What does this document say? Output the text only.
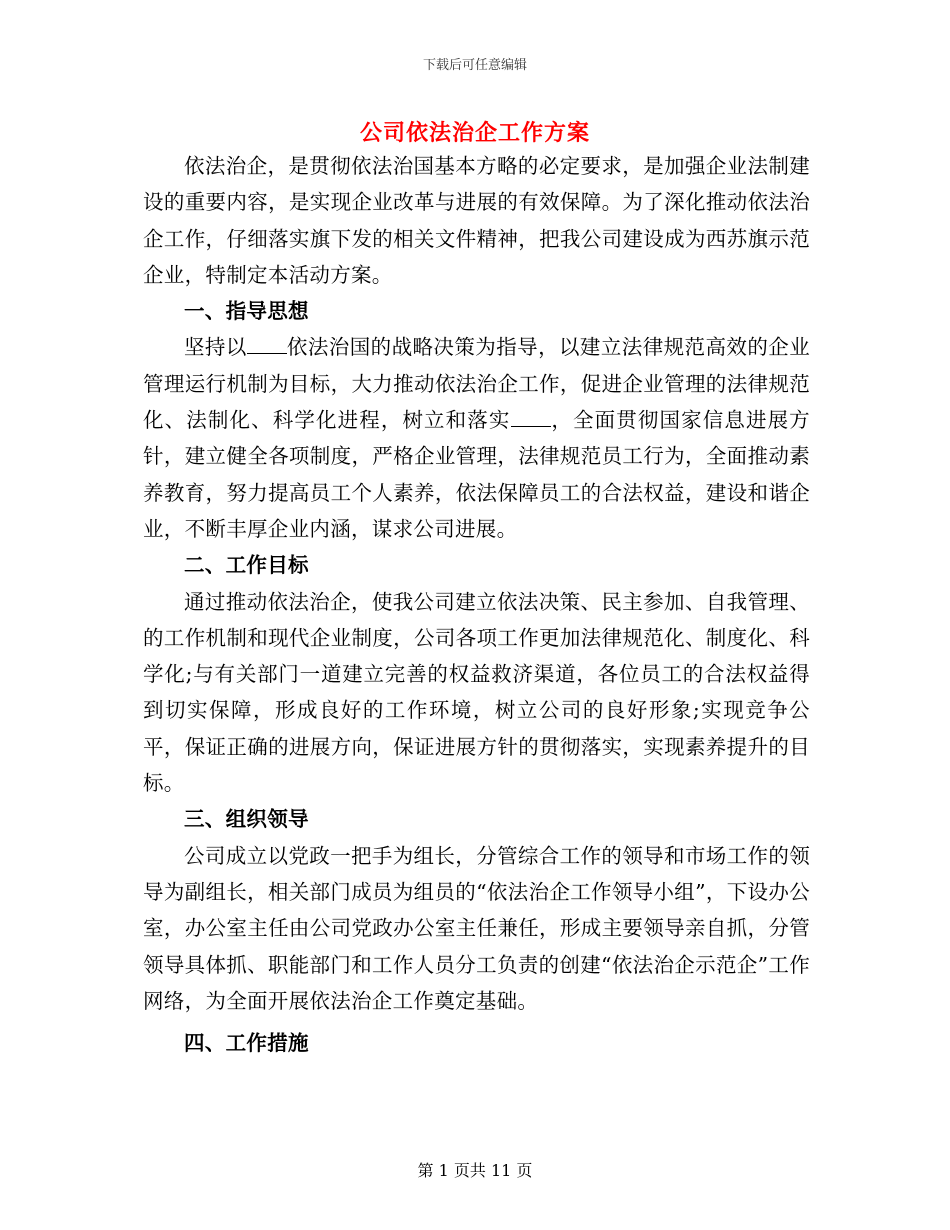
下载后可任意编辑
公司依法治企工作方案

依法治企，是贯彻依法治国基本方略的必定要求，是加强企业法制建设的重要内容，是实现企业改革与进展的有效保障。为了深化推动依法治企工作，仔细落实旗下发的相关文件精神，把我公司建设成为西苏旗示范企业，特制定本活动方案。

一、指导思想

坚持以 依法治国的战略决策为指导，以建立法律规范高效的企业管理运行机制为目标，大力推动依法治企工作，促进企业管理的法律规范化、法制化、科学化进程，树立和落实 ，全面贯彻国家信息进展方针，建立健全各项制度，严格企业管理，法律规范员工行为，全面推动素养教育，努力提高员工个人素养，依法保障员工的合法权益，建设和谐企业，不断丰厚企业内涵，谋求公司进展。

二、工作目标

通过推动依法治企，使我公司建立依法决策、民主参加、自我管理、的工作机制和现代企业制度，公司各项工作更加法律规范化、制度化、科学化;与有关部门一道建立完善的权益救济渠道，各位员工的合法权益得到切实保障，形成良好的工作环境，树立公司的良好形象;实现竞争公平，保证正确的进展方向，保证进展方针的贯彻落实，实现素养提升的目标。

三、组织领导

公司成立以党政一把手为组长，分管综合工作的领导和市场工作的领导为副组长，相关部门成员为组员的“依法治企工作领导小组”，下设办公室，办公室主任由公司党政办公室主任兼任，形成主要领导亲自抓，分管领导具体抓、职能部门和工作人员分工负责的创建“依法治企示范企”工作网络，为全面开展依法治企工作奠定基础。

四、工作措施
第 1 页共 11 页
